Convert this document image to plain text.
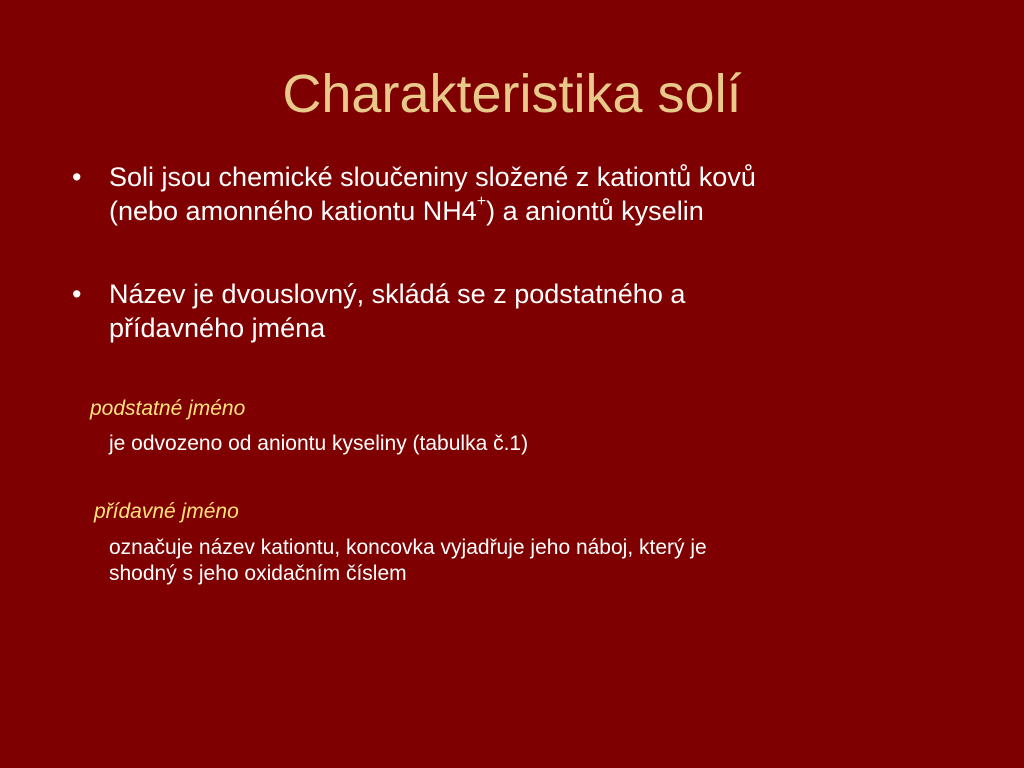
Charakteristika solí
•	Soli jsou chemické sloučeniny složené z kationtů kovů
(nebo amonného kationtu NH4+) a aniontů kyselin
•	Název je dvouslovný, skládá se z podstatného a
přídavného jména
podstatné jméno
je odvozeno od aniontu kyseliny (tabulka č.1)
přídavné jméno
označuje název kationtu, koncovka vyjadřuje jeho náboj, který je
shodný s jeho oxidačním číslem
